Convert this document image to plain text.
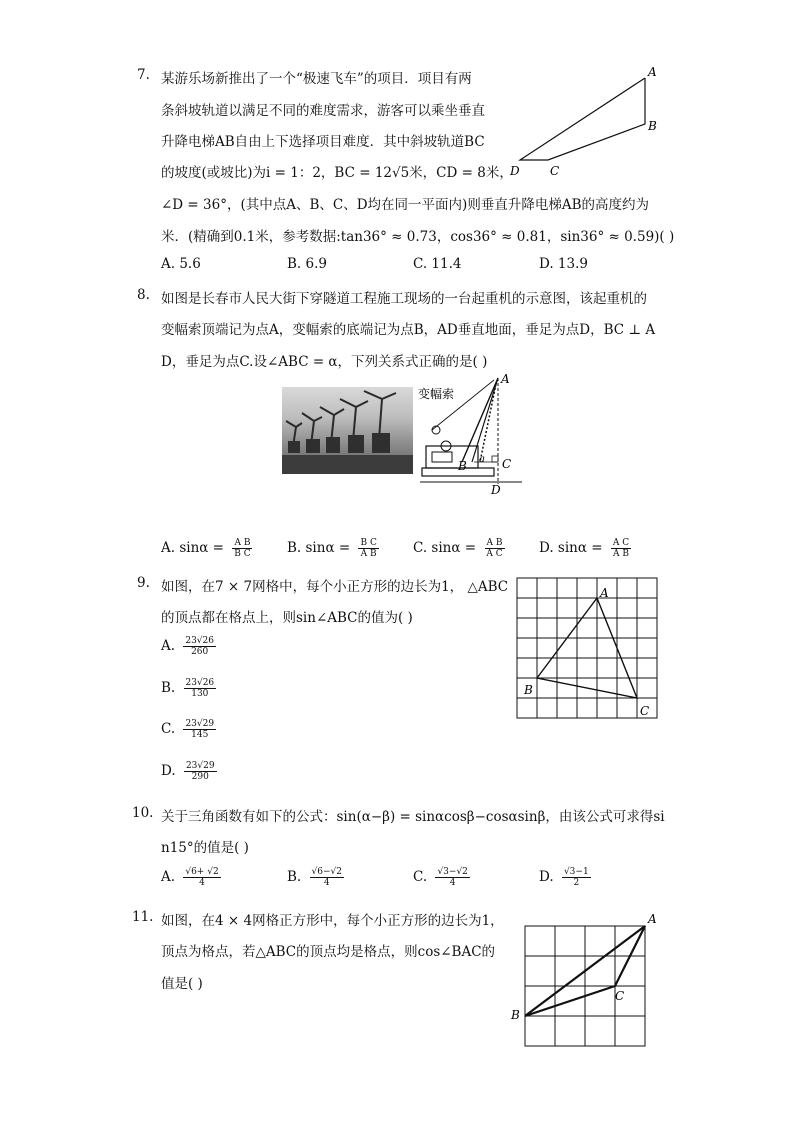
7. 某游乐场新推出了一个“极速飞车”的项目．项目有两
条斜坡轨道以满足不同的难度需求，游客可以乘坐垂直
升降电梯AB自由上下选择项目难度．其中斜坡轨道BC
的坡度(或坡比)为i = 1：2，BC = 12√5米，CD = 8米，
∠D = 36°，(其中点A、B、C、D均在同一平面内)则垂直升降电梯AB的高度约为
米．(精确到0.1米，参考数据:tan36° ≈ 0.73，cos36° ≈ 0.81，sin36° ≈ 0.59)( )
A. 5.6	B. 6.9	C. 11.4	D. 13.9
A
B
C
D
8. 如图是长春市人民大街下穿隧道工程施工现场的一台起重机的示意图，该起重机的
变幅索顶端记为点A，变幅索的底端记为点B，AD垂直地面，垂足为点D，BC ⊥ A
D，垂足为点C.设∠ABC = α，下列关系式正确的是( )
变幅索
A
B	C
D
a
A. $\sin\alpha = \frac{\text{A B}}{\text{B C}}$	B. $\sin\alpha = \frac{\text{B C}}{\text{A B}}$	C. $\sin\alpha = \frac{\text{A B}}{\text{A C}}$	D. $\sin\alpha = \frac{\text{A C}}{\text{A B}}$
9. 如图，在7 × 7网格中，每个小正方形的边长为1， △ABC
的顶点都在格点上，则sin∠ABC的值为( )
A. $\frac{23√26}{260}$
B. $\frac{23√26}{130}$
C. $\frac{23√29}{145}$
D. $\frac{23√29}{290}$
A
B
C
10. 关于三角函数有如下的公式：sin(α−β) = sinαcosβ−cosαsinβ，由该公式可求得si
n15°的值是( )
A. $\frac{√6+ √2}{4}$	B. $\frac{√6-√2}{4}$	C. $\frac{√3-√2}{4}$	D. $\frac{√3-1}{2}$
11. 如图，在4 × 4网格正方形中，每个小正方形的边长为1，
顶点为格点，若△ABC的顶点均是格点，则cos∠BAC的
值是( )
A
B
C
